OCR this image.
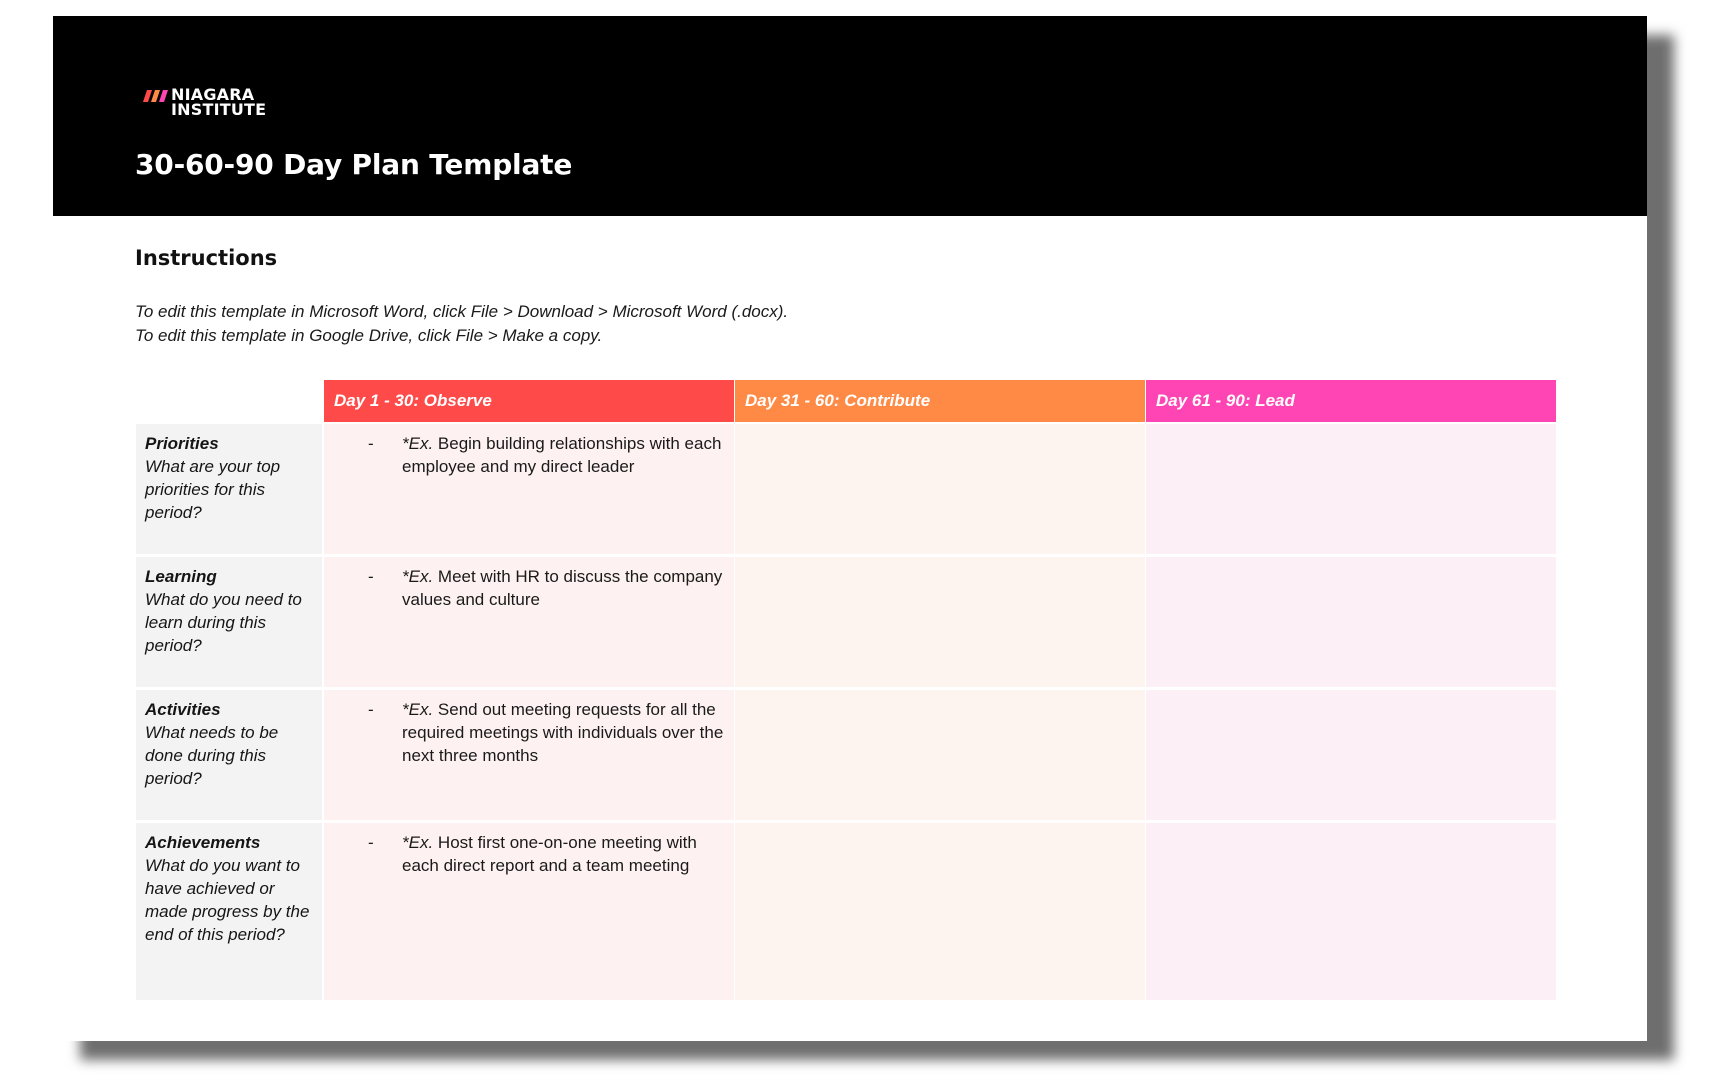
NIAGARA
INSTITUTE
30-60-90 Day Plan Template
Instructions

To edit this template in Microsoft Word, click File > Download > Microsoft Word (.docx).

To edit this template in Google Drive, click File > Make a copy.

Day 1 - 30: Observe	Day 31 - 60: Contribute	Day 61 - 90: Lead
Priorities
What are your top priorities for this period?
- *Ex. Begin building relationships with each employee and my direct leader
Learning
What do you need to learn during this period?
- *Ex. Meet with HR to discuss the company values and culture
Activities
What needs to be done during this period?
- *Ex. Send out meeting requests for all the required meetings with individuals over the next three months
Achievements
What do you want to have achieved or made progress by the end of this period?
- *Ex. Host first one-on-one meeting with each direct report and a team meeting
